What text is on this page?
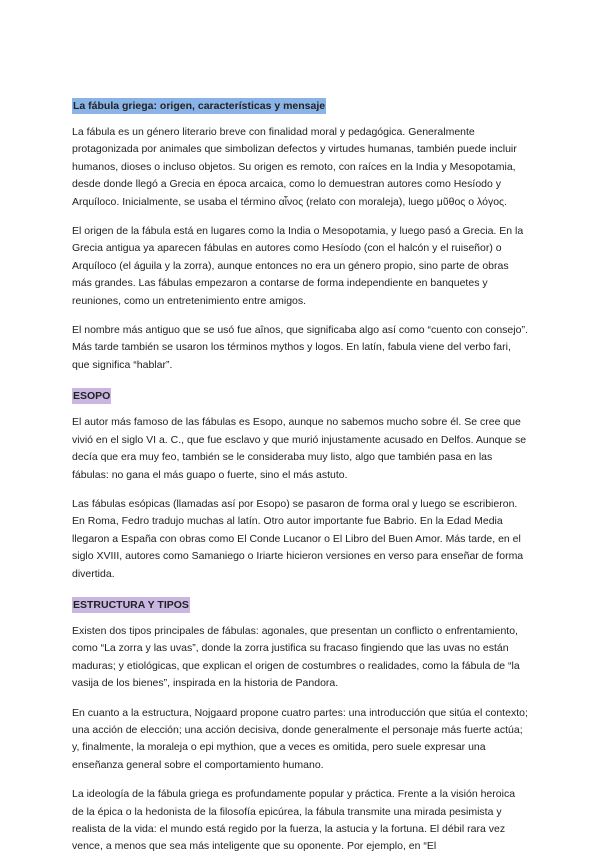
La fábula griega: origen, características y mensaje

La fábula es un género literario breve con finalidad moral y pedagógica. Generalmente protagonizada por animales que simbolizan defectos y virtudes humanas, también puede incluir humanos, dioses o incluso objetos. Su origen es remoto, con raíces en la India y Mesopotamia, desde donde llegó a Grecia en época arcaica, como lo demuestran autores como Hesíodo y Arquíloco. Inicialmente, se usaba el término αἶνος (relato con moraleja), luego μῦθος o λόγος.

El origen de la fábula está en lugares como la India o Mesopotamia, y luego pasó a Grecia. En la Grecia antigua ya aparecen fábulas en autores como Hesíodo (con el halcón y el ruiseñor) o Arquíloco (el águila y la zorra), aunque entonces no era un género propio, sino parte de obras más grandes. Las fábulas empezaron a contarse de forma independiente en banquetes y reuniones, como un entretenimiento entre amigos.

El nombre más antiguo que se usó fue aînos, que significaba algo así como “cuento con consejo”. Más tarde también se usaron los términos mythos y logos. En latín, fabula viene del verbo fari, que significa “hablar”.

ESOPO

El autor más famoso de las fábulas es Esopo, aunque no sabemos mucho sobre él. Se cree que vivió en el siglo VI a. C., que fue esclavo y que murió injustamente acusado en Delfos. Aunque se decía que era muy feo, también se le consideraba muy listo, algo que también pasa en las fábulas: no gana el más guapo o fuerte, sino el más astuto.

Las fábulas esópicas (llamadas así por Esopo) se pasaron de forma oral y luego se escribieron. En Roma, Fedro tradujo muchas al latín. Otro autor importante fue Babrio. En la Edad Media llegaron a España con obras como El Conde Lucanor o El Libro del Buen Amor. Más tarde, en el siglo XVIII, autores como Samaniego o Iriarte hicieron versiones en verso para enseñar de forma divertida.

ESTRUCTURA Y TIPOS

Existen dos tipos principales de fábulas: agonales, que presentan un conflicto o enfrentamiento, como “La zorra y las uvas”, donde la zorra justifica su fracaso fingiendo que las uvas no están maduras; y etiológicas, que explican el origen de costumbres o realidades, como la fábula de “la vasija de los bienes”, inspirada en la historia de Pandora.

En cuanto a la estructura, Nojgaard propone cuatro partes: una introducción que sitúa el contexto; una acción de elección; una acción decisiva, donde generalmente el personaje más fuerte actúa; y, finalmente, la moraleja o epi mythion, que a veces es omitida, pero suele expresar una enseñanza general sobre el comportamiento humano.

La ideología de la fábula griega es profundamente popular y práctica. Frente a la visión heroica de la épica o la hedonista de la filosofía epicúrea, la fábula transmite una mirada pesimista y realista de la vida: el mundo está regido por la fuerza, la astucia y la fortuna. El débil rara vez vence, a menos que sea más inteligente que su oponente. Por ejemplo, en “El
